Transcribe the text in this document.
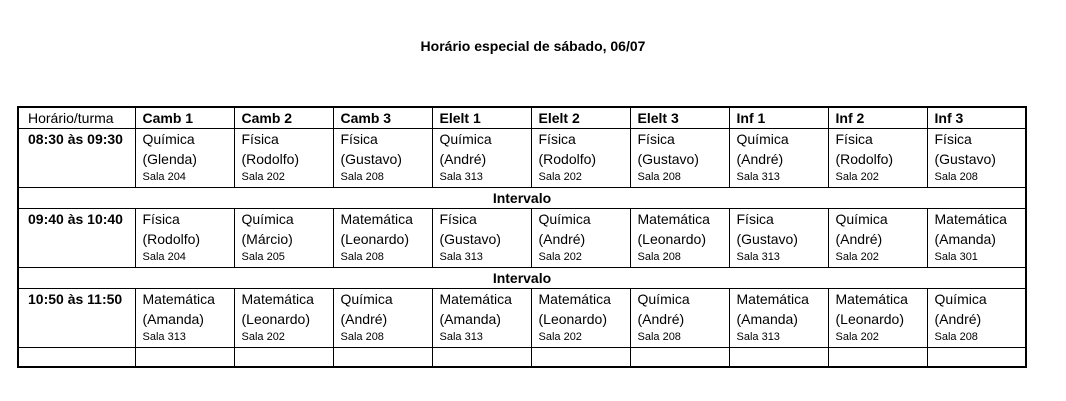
Horário especial de sábado, 06/07
Horário/turma	Camb 1	Camb 2	Camb 3	Elelt 1	Elelt 2	Elelt 3	Inf 1	Inf 2	Inf 3
08:30 às 09:30	Química
(Glenda)
Sala 204	Física
(Rodolfo)
Sala 202	Física
(Gustavo)
Sala 208	Química
(André)
Sala 313	Física
(Rodolfo)
Sala 202	Física
(Gustavo)
Sala 208	Química
(André)
Sala 313	Física
(Rodolfo)
Sala 202	Física
(Gustavo)
Sala 208

Intervalo									
09:40 às 10:40	Física
(Rodolfo)
Sala 204	Química
(Márcio)
Sala 205	Matemática
(Leonardo)
Sala 208	Física
(Gustavo)
Sala 313	Química
(André)
Sala 202	Matemática
(Leonardo)
Sala 208	Física
(Gustavo)
Sala 313	Química
(André)
Sala 202	Matemática
(Amanda)
Sala 301

Intervalo									
10:50 às 11:50	Matemática
(Amanda)
Sala 313	Matemática
(Leonardo)
Sala 202	Química
(André)
Sala 208	Matemática
(Amanda)
Sala 313	Matemática
(Leonardo)
Sala 202	Química
(André)
Sala 208	Matemática
(Amanda)
Sala 313	Matemática
(Leonardo)
Sala 202	Química
(André)
Sala 208
